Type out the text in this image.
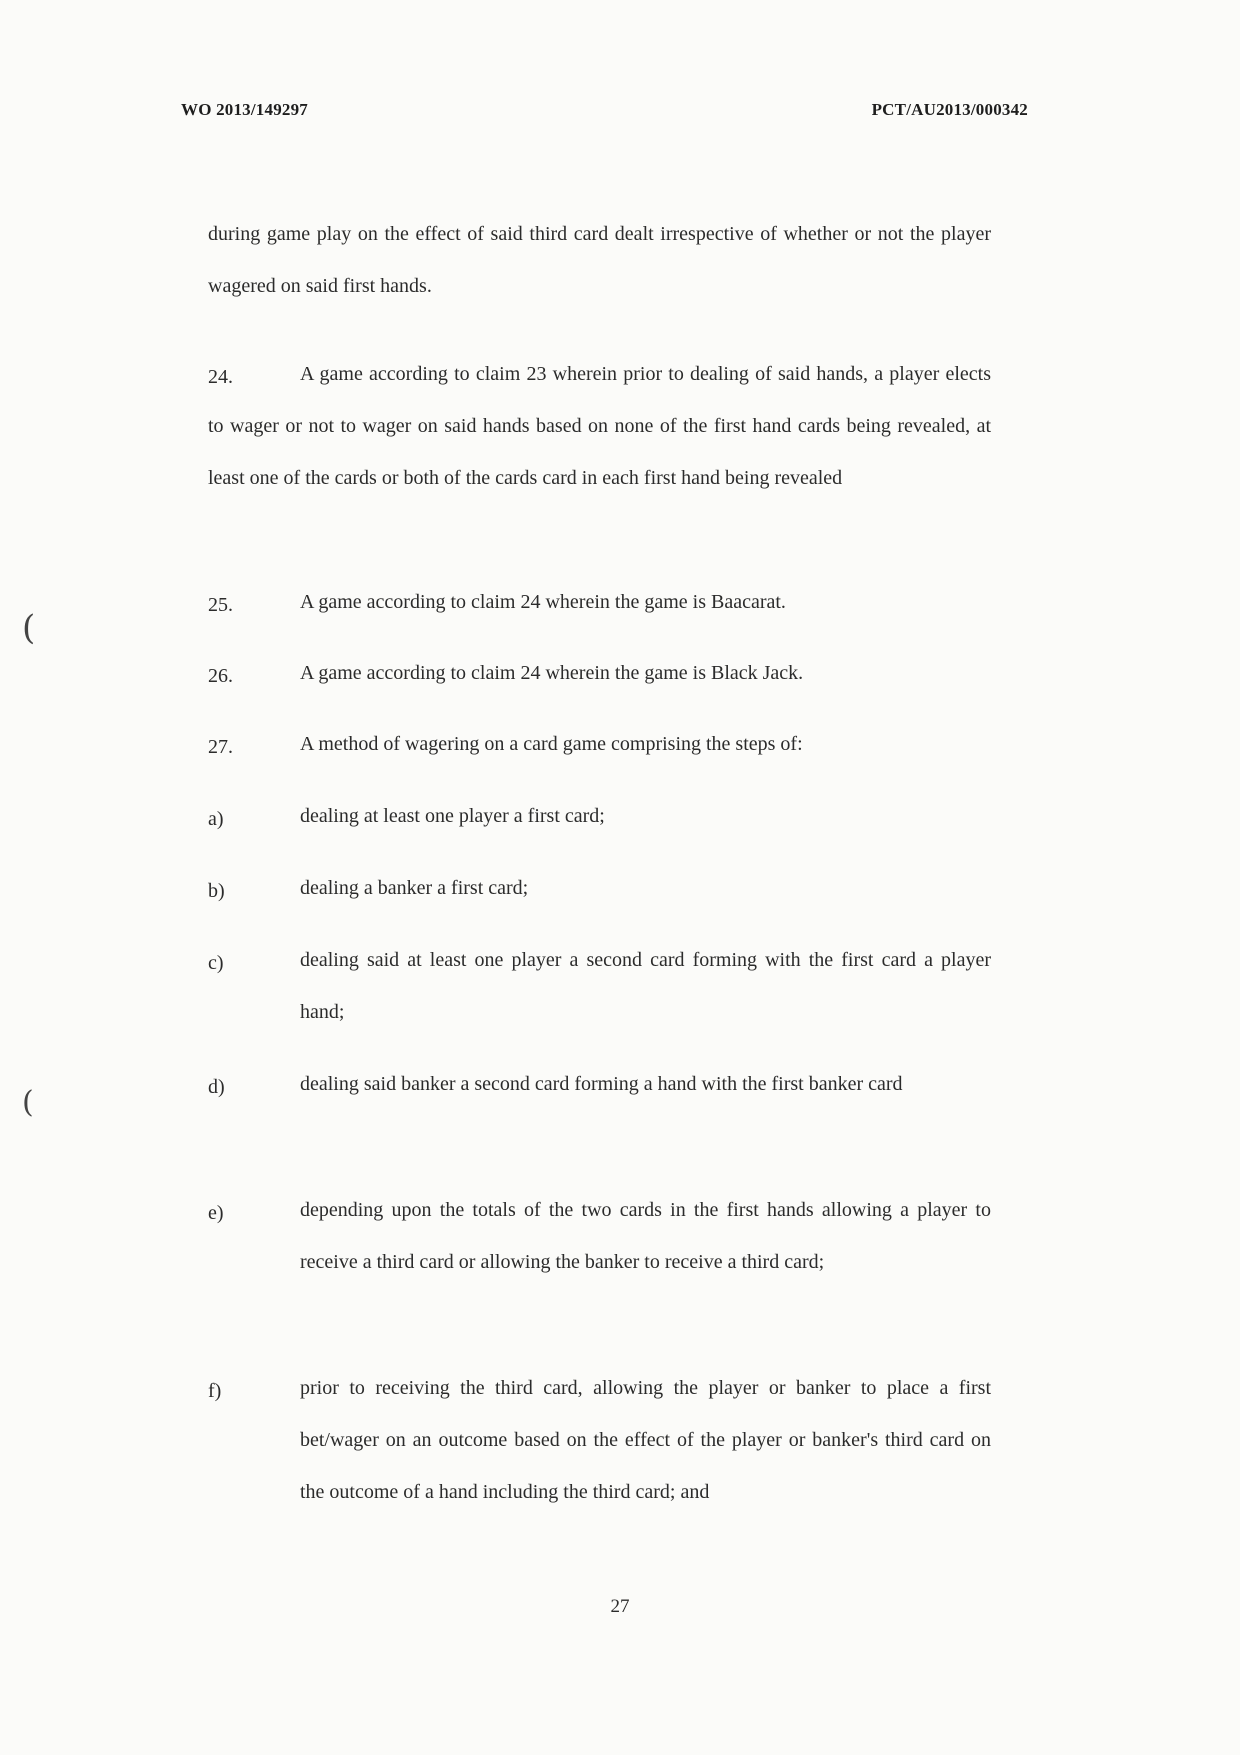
WO 2013/149297	PCT/AU2013/000342
during game play on the effect of said third card dealt irrespective of whether or not the player wagered on said first hands.
24.	A game according to claim 23 wherein prior to dealing of said hands, a player elects to wager or not to wager on said hands based on none of the first hand cards being revealed, at least one of the cards or both of the cards card in each first hand being revealed
25.	A game according to claim 24 wherein the game is Baacarat.
26.	A game according to claim 24 wherein the game is Black Jack.
27.	A method of wagering on a card game comprising the steps of:
a)	dealing at least one player a first card;
b)	dealing a banker a first card;
c)	dealing said at least one player a second card forming with the first card a player hand;
d)	dealing said banker a second card forming a hand with the first banker card
e)	depending upon the totals of the two cards in the first hands allowing a player to receive a third card or allowing the banker to receive a third card;
f)	prior to receiving the third card, allowing the player or banker to place a first bet/wager on an outcome based on the effect of the player or banker's third card on the outcome of a hand including the third card; and
27
(
(
